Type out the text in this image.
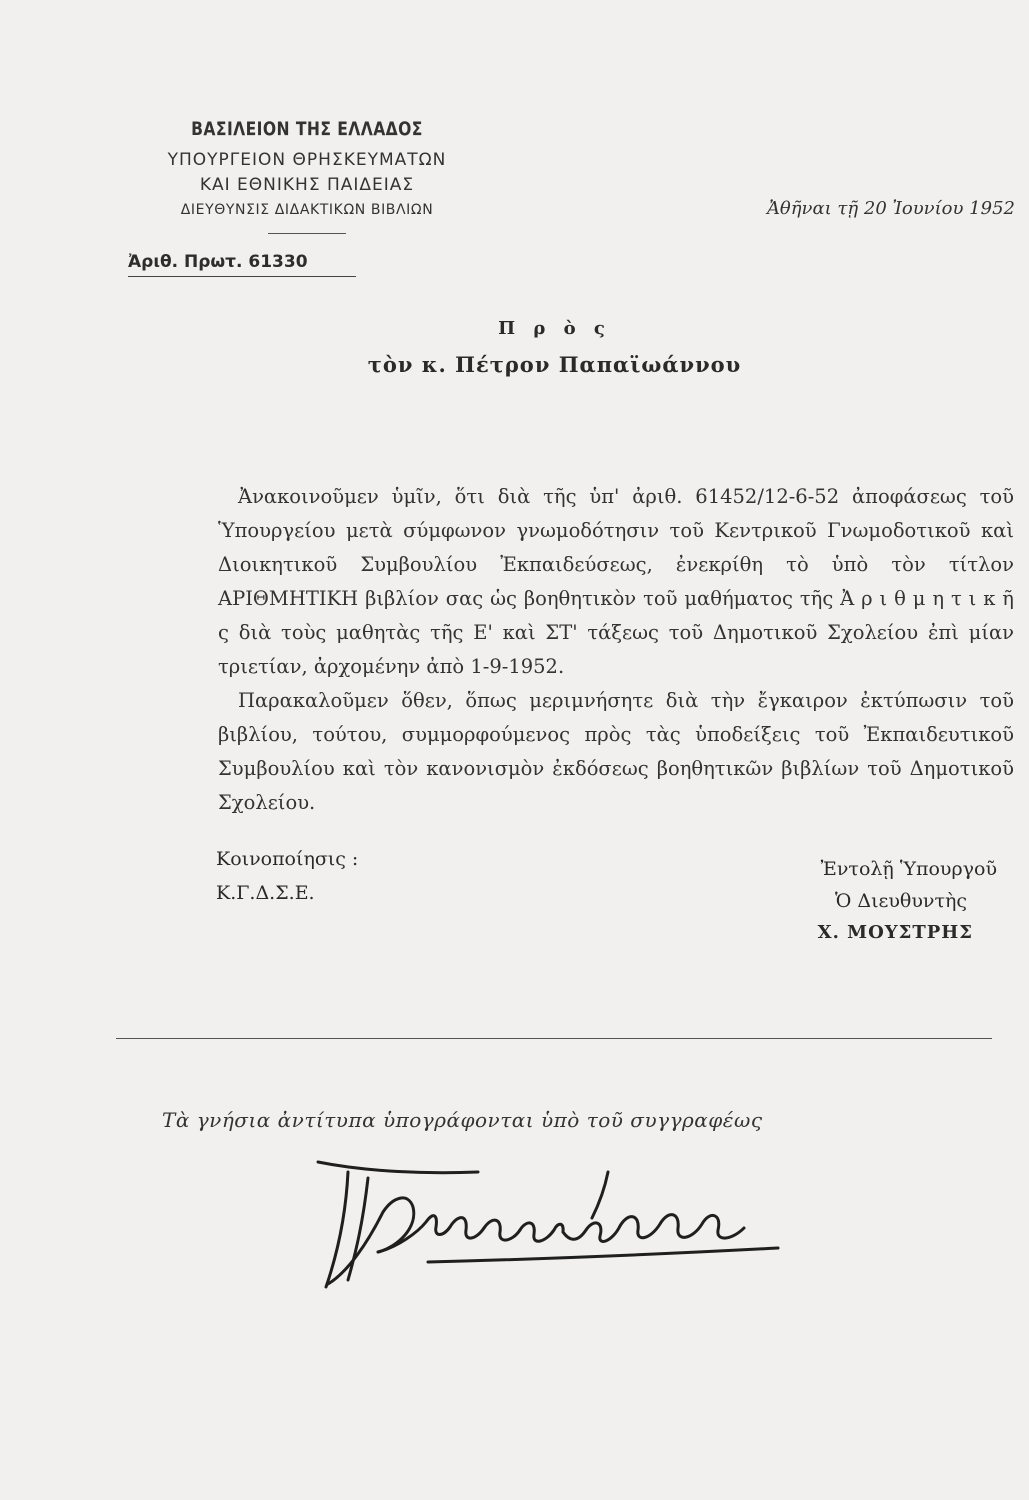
ΒΑΣΙΛΕΙΟΝ ΤΗΣ ΕΛΛΑΔΟΣ
ΥΠΟΥΡΓΕΙΟΝ ΘΡΗΣΚΕΥΜΑΤΩΝ
ΚΑΙ ΕΘΝΙΚΗΣ ΠΑΙΔΕΙΑΣ
ΔΙΕΥΘΥΝΣΙΣ ΔΙΔΑΚΤΙΚΩΝ ΒΙΒΛΙΩΝ
Ἀριθ. Πρωτ. 61330
Ἀθῆναι τῇ 20 Ἰουνίου 1952
Π ρ ὸ ς
τὸν κ. Πέτρον Παπαϊωάννου

Ἀνακοινοῦμεν ὑμῖν, ὅτι διὰ τῆς ὑπ' ἀριθ. 61452/12-6-52 ἀποφάσεως τοῦ Ὑπουργείου μετὰ σύμφωνον γνωμοδότησιν τοῦ Κεντρικοῦ Γνωμοδοτικοῦ καὶ Διοικητικοῦ Συμβουλίου Ἐκπαιδεύσεως, ἐνεκρίθη τὸ ὑπὸ τὸν τίτλον ΑΡΙΘΜΗΤΙΚΗ βιβλίον σας ὡς βοηθητικὸν τοῦ μαθήματος τῆς Ἀ ρ ι θ μ η τ ι κ ῆ ς διὰ τοὺς μαθητὰς τῆς Ε' καὶ ΣΤ' τάξεως τοῦ Δημοτικοῦ Σχολείου ἐπὶ μίαν τριετίαν, ἀρχομένην ἀπὸ 1-9-1952.

Παρακαλοῦμεν ὅθεν, ὅπως μεριμνήσητε διὰ τὴν ἔγκαιρον ἐκτύπωσιν τοῦ βιβλίου, τούτου, συμμορφούμενος πρὸς τὰς ὑποδείξεις τοῦ Ἐκπαιδευτικοῦ Συμβουλίου καὶ τὸν κανονισμὸν ἐκδόσεως βοηθητικῶν βιβλίων τοῦ Δημοτικοῦ Σχολείου.

Κοινοποίησις :
Κ.Γ.Δ.Σ.Ε.
Ἐντολῇ Ὑπουργοῦ
Ὁ Διευθυντὴς
Χ. ΜΟΥΣΤΡΗΣ
Τὰ γνήσια ἀντίτυπα ὑπογράφονται ὑπὸ τοῦ συγγραφέως
